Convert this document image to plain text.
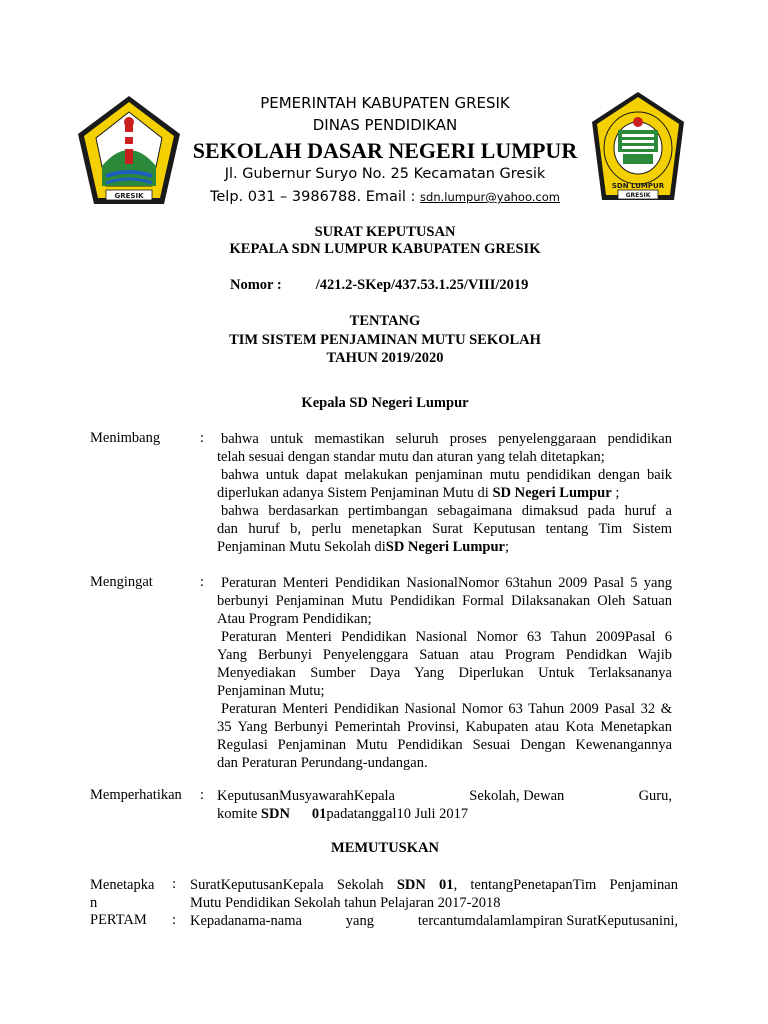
GRESIK
SDN LUMPUR
GRESIK
PEMERINTAH KABUPATEN GRESIK
DINAS PENDIDIKAN
SEKOLAH DASAR NEGERI LUMPUR
Jl. Gubernur Suryo No. 25 Kecamatan Gresik
Telp. 031 – 3986788. Email : sdn.lumpur@yahoo.com
SURAT KEPUTUSAN
KEPALA SDN LUMPUR KABUPATEN GRESIK
Nomor : /421.2-SKep/437.53.1.25/VIII/2019
TENTANG
TIM SISTEM PENJAMINAN MUTU SEKOLAH
TAHUN 2019/2020
Kepala SD Negeri Lumpur
Menimbang	: bahwa untuk memastikan seluruh proses penyelenggaraan pendidikan
telah sesuai dengan standar mutu dan aturan yang telah ditetapkan;
bahwa untuk dapat melakukan penjaminan mutu pendidikan dengan baik
diperlukan adanya Sistem Penjaminan Mutu di SD Negeri Lumpur ;
bahwa berdasarkan pertimbangan sebagaimana dimaksud pada huruf a
dan huruf b, perlu menetapkan Surat Keputusan tentang Tim Sistem
Penjaminan Mutu Sekolah diSD Negeri Lumpur;
Mengingat	: Peraturan Menteri Pendidikan NasionalNomor 63tahun 2009 Pasal 5 yang
berbunyi Penjaminan Mutu Pendidikan Formal Dilaksanakan Oleh Satuan
Atau Program Pendidikan;
Peraturan Menteri Pendidikan Nasional Nomor 63 Tahun 2009Pasal 6
Yang Berbunyi Penyelenggara Satuan atau Program Pendidkan Wajib
Menyediakan Sumber Daya Yang Diperlukan Untuk Terlaksananya
Penjaminan Mutu;
Peraturan Menteri Pendidikan Nasional Nomor 63 Tahun 2009 Pasal 32 &
35 Yang Berbunyi Pemerintah Provinsi, Kabupaten atau Kota Menetapkan
Regulasi Penjaminan Mutu Pendidikan Sesuai Dengan Kewenangannya
dan Peraturan Perundang-undangan.
Memperhatikan : KeputusanMusyawarahKepala	Sekolah, Dewan	Guru,
komite SDN 01padatanggal10 Juli 2017
MEMUTUSKAN
Menetapka
n
: SuratKeputusanKepala Sekolah SDN 01, tentangPenetapanTim Penjaminan
Mutu Pendidikan Sekolah tahun Pelajaran 2017-2018
PERTAM : Kepadanama-nama	yang	tercantumdalamlampiran SuratKeputusanini,
